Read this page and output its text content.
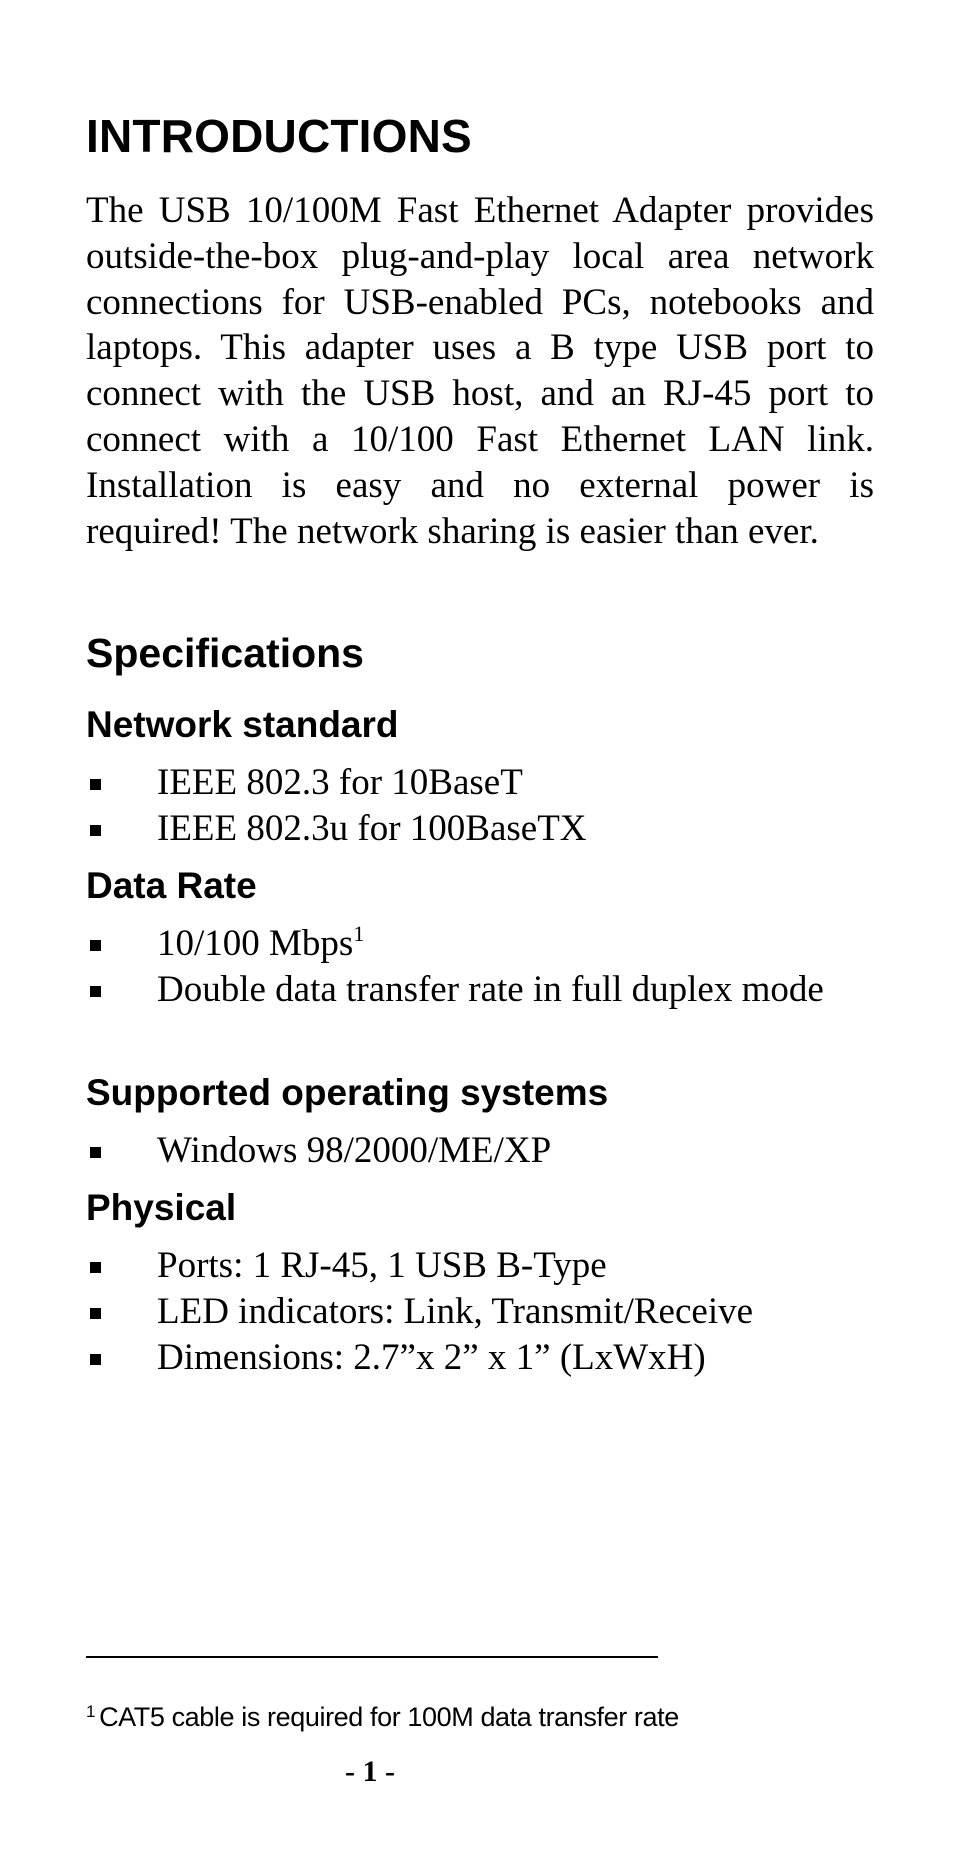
INTRODUCTIONS

The USB 10/100M Fast Ethernet Adapter provides outside-the-box plug-and-play local area network connections for USB-enabled PCs, notebooks and laptops. This adapter uses a B type USB port to connect with the USB host, and an RJ-45 port to connect with a 10/100 Fast Ethernet LAN link. Installation is easy and no external power is required! The network sharing is easier than ever.

Specifications
Network standard
IEEE 802.3 for 10BaseT
IEEE 802.3u for 100BaseTX
Data Rate
10/100 Mbps$^1$
Double data transfer rate in full duplex mode
Supported operating systems
Windows 98/2000/ME/XP
Physical
Ports: 1 RJ-45, 1 USB B-Type
LED indicators: Link, Transmit/Receive
Dimensions: 2.7”x 2” x 1” (LxWxH)

$^1$ CAT5 cable is required for 100M data transfer rate

- 1 -
